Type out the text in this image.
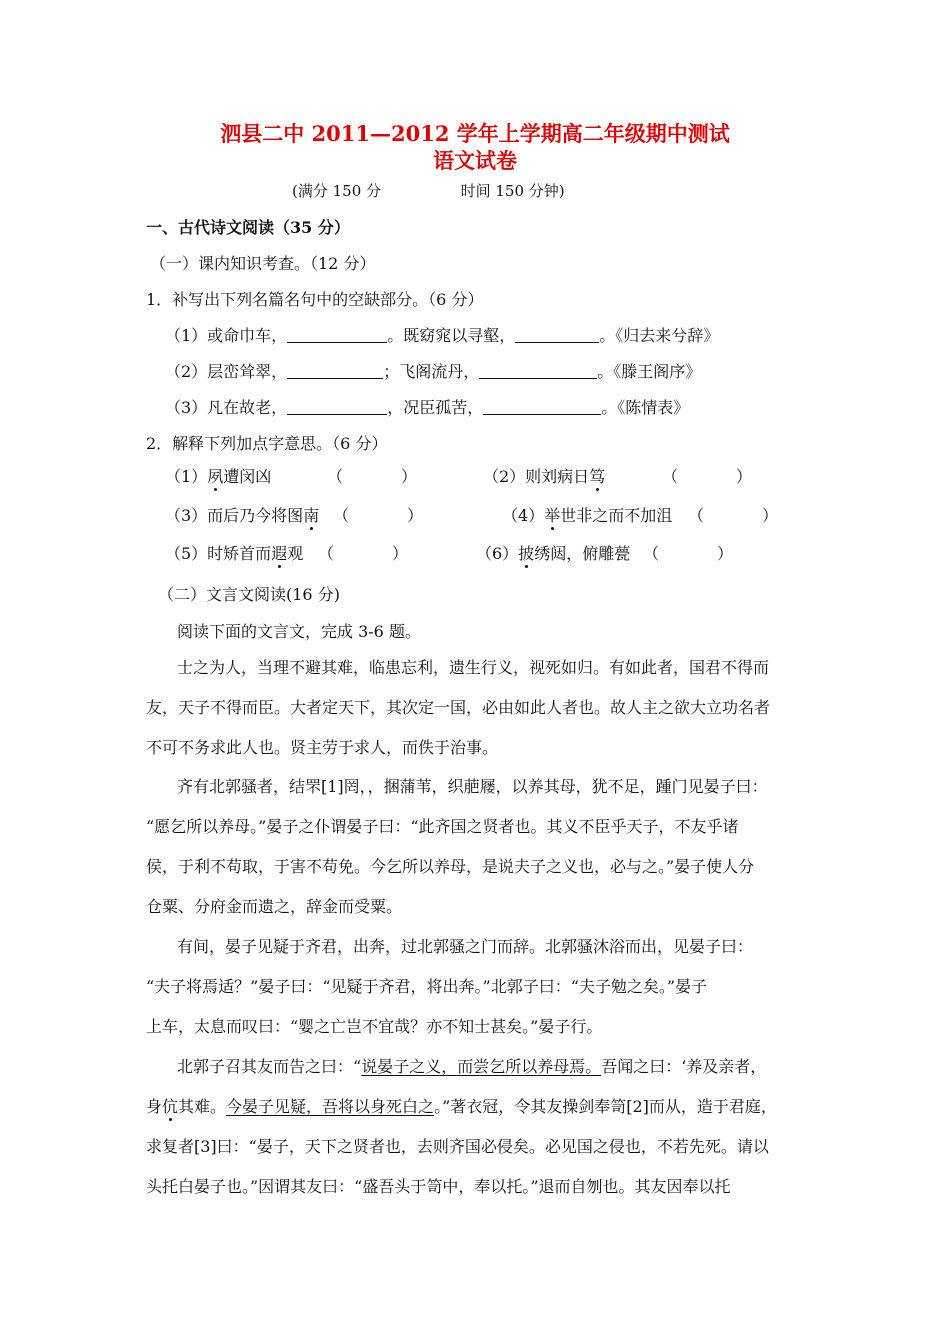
泗县二中 2011—2012 学年上学期高二年级期中测试
语文试卷
(满分 150 分	时间 150 分钟)
一、古代诗文阅读（35 分）
（一）课内知识考查。（12 分）
1．补写出下列名篇名句中的空缺部分。（6 分）
（1）或命巾车，	。既窈窕以寻壑，	。《归去来兮辞》
（2）层峦耸翠，	；飞阁流丹，	。《滕王阁序》
（3）凡在故老，	，况臣孤苦，	。《陈情表》
2．解释下列加点字意思。（6 分）
（1）夙遭闵凶	（	）	（2）则刘病日笃	（	）
（3）而后乃今将图南 （	）	（4）举世非之而不加沮 （	）
（5）时矫首而遐观 （	）	（6）披绣闼，俯雕甍 （	）
（二）文言文阅读(16 分)
阅读下面的文言文，完成 3-6 题。
士之为人，当理不避其难，临患忘利，遗生行义，视死如归。有如此者，国君不得而
友，天子不得而臣。大者定天下，其次定一国，必由如此人者也。故人主之欲大立功名者
不可不务求此人也。贤主劳于求人，而佚于治事。
齐有北郭骚者，结罘[1]罔，，捆蒲苇，织萉屦，以养其母，犹不足，踵门见晏子曰：
“愿乞所以养母。”晏子之仆谓晏子曰：“此齐国之贤者也。其义不臣乎天子，不友乎诸
侯，于利不苟取，于害不苟免。今乞所以养母，是说夫子之义也，必与之。”晏子使人分
仓粟、分府金而遗之，辞金而受粟。
有间，晏子见疑于齐君，出奔，过北郭骚之门而辞。北郭骚沐浴而出，见晏子曰：
“夫子将焉适？”晏子曰：“见疑于齐君，将出奔。”北郭子曰：“夫子勉之矣。”晏子
上车，太息而叹曰：“婴之亡岂不宜哉？亦不知士甚矣。”晏子行。
北郭子召其友而告之曰：“说晏子之义，而尝乞所以养母焉。吾闻之曰：‘养及亲者，
身伉其难。今晏子见疑，吾将以身死白之。”著衣冠，令其友操剑奉笥[2]而从，造于君庭，
求复者[3]曰：“晏子，天下之贤者也，去则齐国必侵矣。必见国之侵也，不若先死。请以
头托白晏子也。”因谓其友曰：“盛吾头于笥中，奉以托。”退而自刎也。其友因奉以托
